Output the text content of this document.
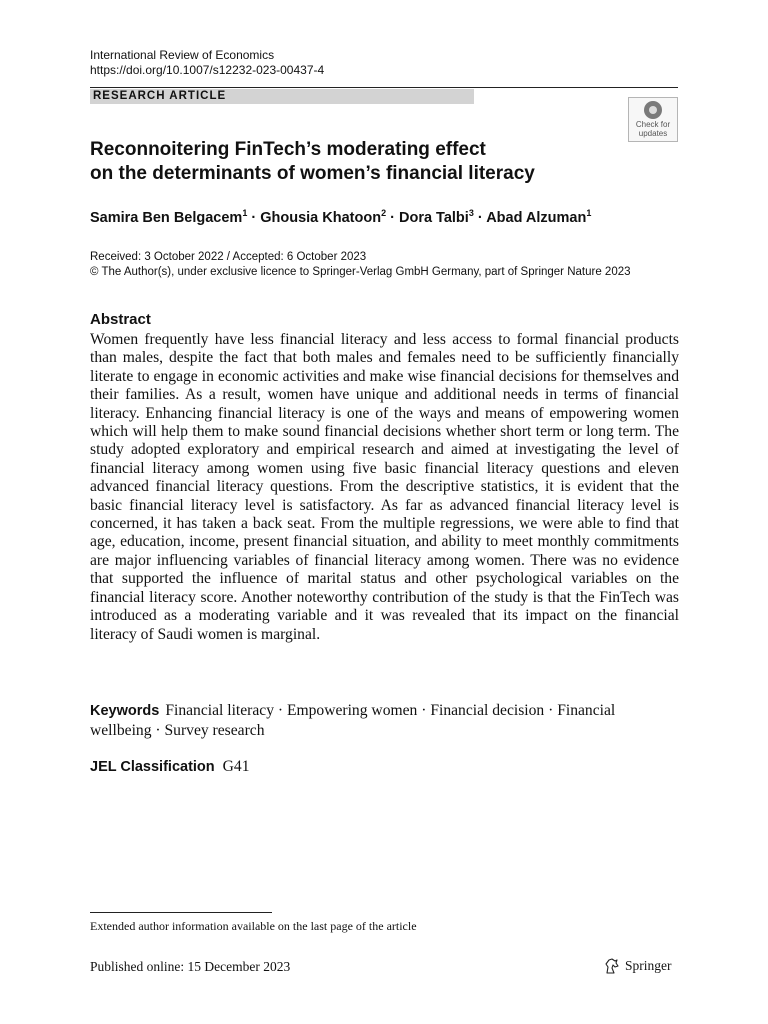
International Review of Economics
https://doi.org/10.1007/s12232-023-00437-4
RESEARCH ARTICLE
Check for
updates
Reconnoitering FinTech’s moderating effect
on the determinants of women’s financial literacy
Samira Ben Belgacem$^1$ · Ghousia Khatoon$^2$ · Dora Talbi$^3$ · Abad Alzuman$^1$
Received: 3 October 2022 / Accepted: 6 October 2023
© The Author(s), under exclusive licence to Springer-Verlag GmbH Germany, part of Springer Nature 2023
Abstract
Women frequently have less financial literacy and less access to formal financial products than males, despite the fact that both males and females need to be sufficiently financially literate to engage in economic activities and make wise financial decisions for themselves and their families. As a result, women have unique and additional needs in terms of financial literacy. Enhancing financial literacy is one of the ways and means of empowering women which will help them to make sound financial decisions whether short term or long term. The study adopted exploratory and empirical research and aimed at investigating the level of financial literacy among women using five basic financial literacy questions and eleven advanced financial literacy questions. From the descriptive statistics, it is evident that the basic financial literacy level is satisfactory. As far as advanced financial literacy level is concerned, it has taken a back seat. From the multiple regressions, we were able to find that age, education, income, present financial situation, and ability to meet monthly commitments are major influencing variables of financial literacy among women. There was no evidence that supported the influence of marital status and other psychological variables on the financial literacy score. Another noteworthy contribution of the study is that the FinTech was introduced as a moderating variable and it was revealed that its impact on the financial literacy of Saudi women is marginal.
Keywords Financial literacy · Empowering women · Financial decision · Financial wellbeing · Survey research
JEL Classification G41
Extended author information available on the last page of the article
Published online: 15 December 2023	Springer
